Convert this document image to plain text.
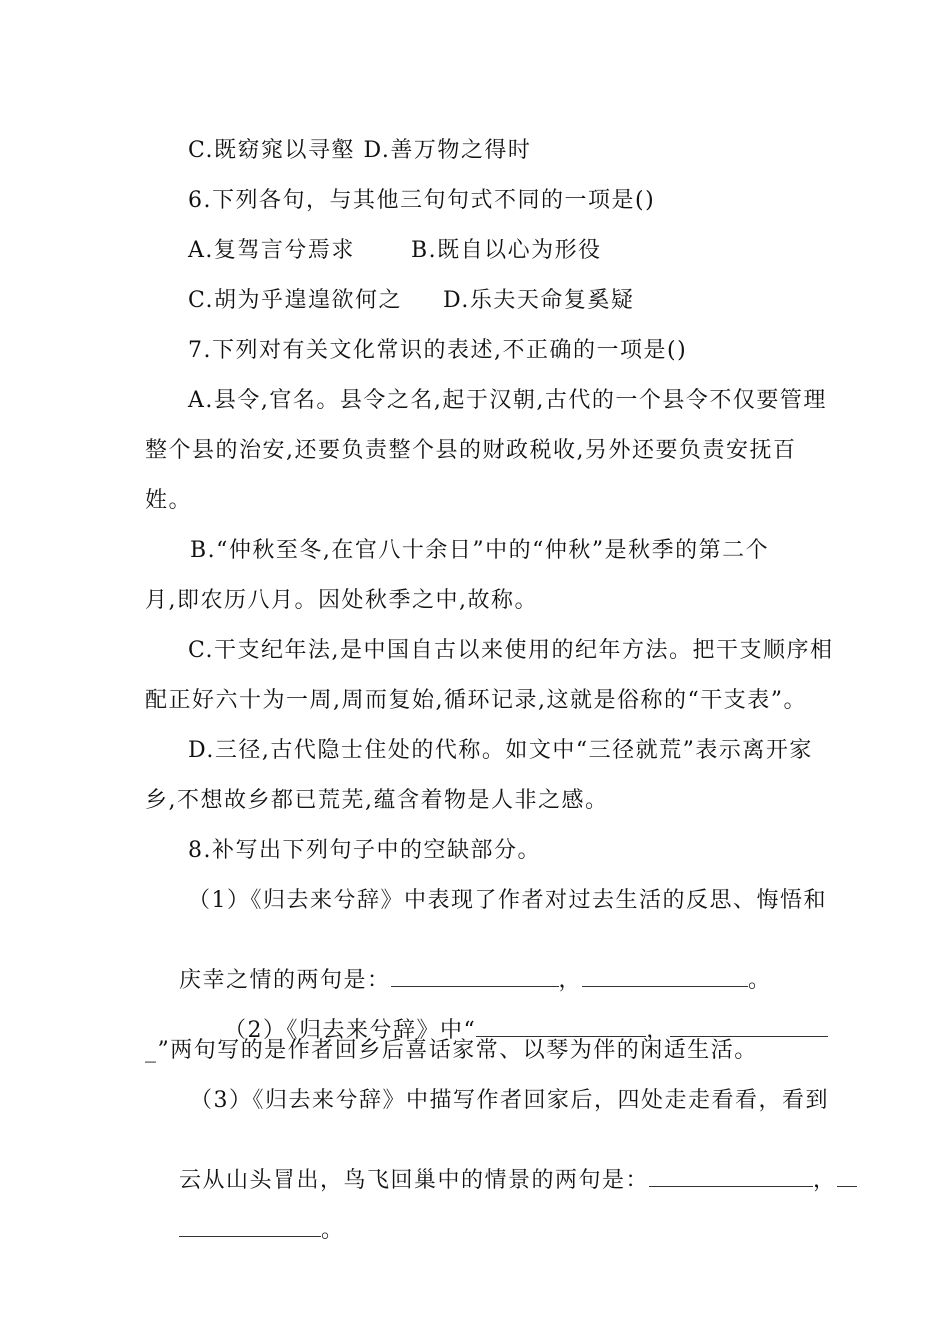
C.既窈窕以寻壑 D.善万物之得时
6.下列各句，与其他三句句式不同的一项是()
A.复驾言兮焉求	B.既自以心为形役
C.胡为乎遑遑欲何之 D.乐夫天命复奚疑
7.下列对有关文化常识的表述,不正确的一项是()
A.县令,官名。县令之名,起于汉朝,古代的一个县令不仅要管理
整个县的治安,还要负责整个县的财政税收,另外还要负责安抚百
姓。
B.“仲秋至冬,在官八十余日”中的“仲秋”是秋季的第二个
月,即农历八月。因处秋季之中,故称。
C.干支纪年法,是中国自古以来使用的纪年方法。把干支顺序相
配正好六十为一周,周而复始,循环记录,这就是俗称的“干支表”。
D.三径,古代隐士住处的代称。如文中“三径就荒”表示离开家
乡,不想故乡都已荒芜,蕴含着物是人非之感。
8.补写出下列句子中的空缺部分。
（1）《归去来兮辞》中表现了作者对过去生活的反思、悔悟和

庆幸之情的两句是：	，	。

（2）《归去来兮辞》中“	，

_”两句写的是作者回乡后喜话家常、以琴为伴的闲适生活。
（3）《归去来兮辞》中描写作者回家后，四处走走看看，看到

云从山头冒出，鸟飞回巢中的情景的两句是：	，

。
